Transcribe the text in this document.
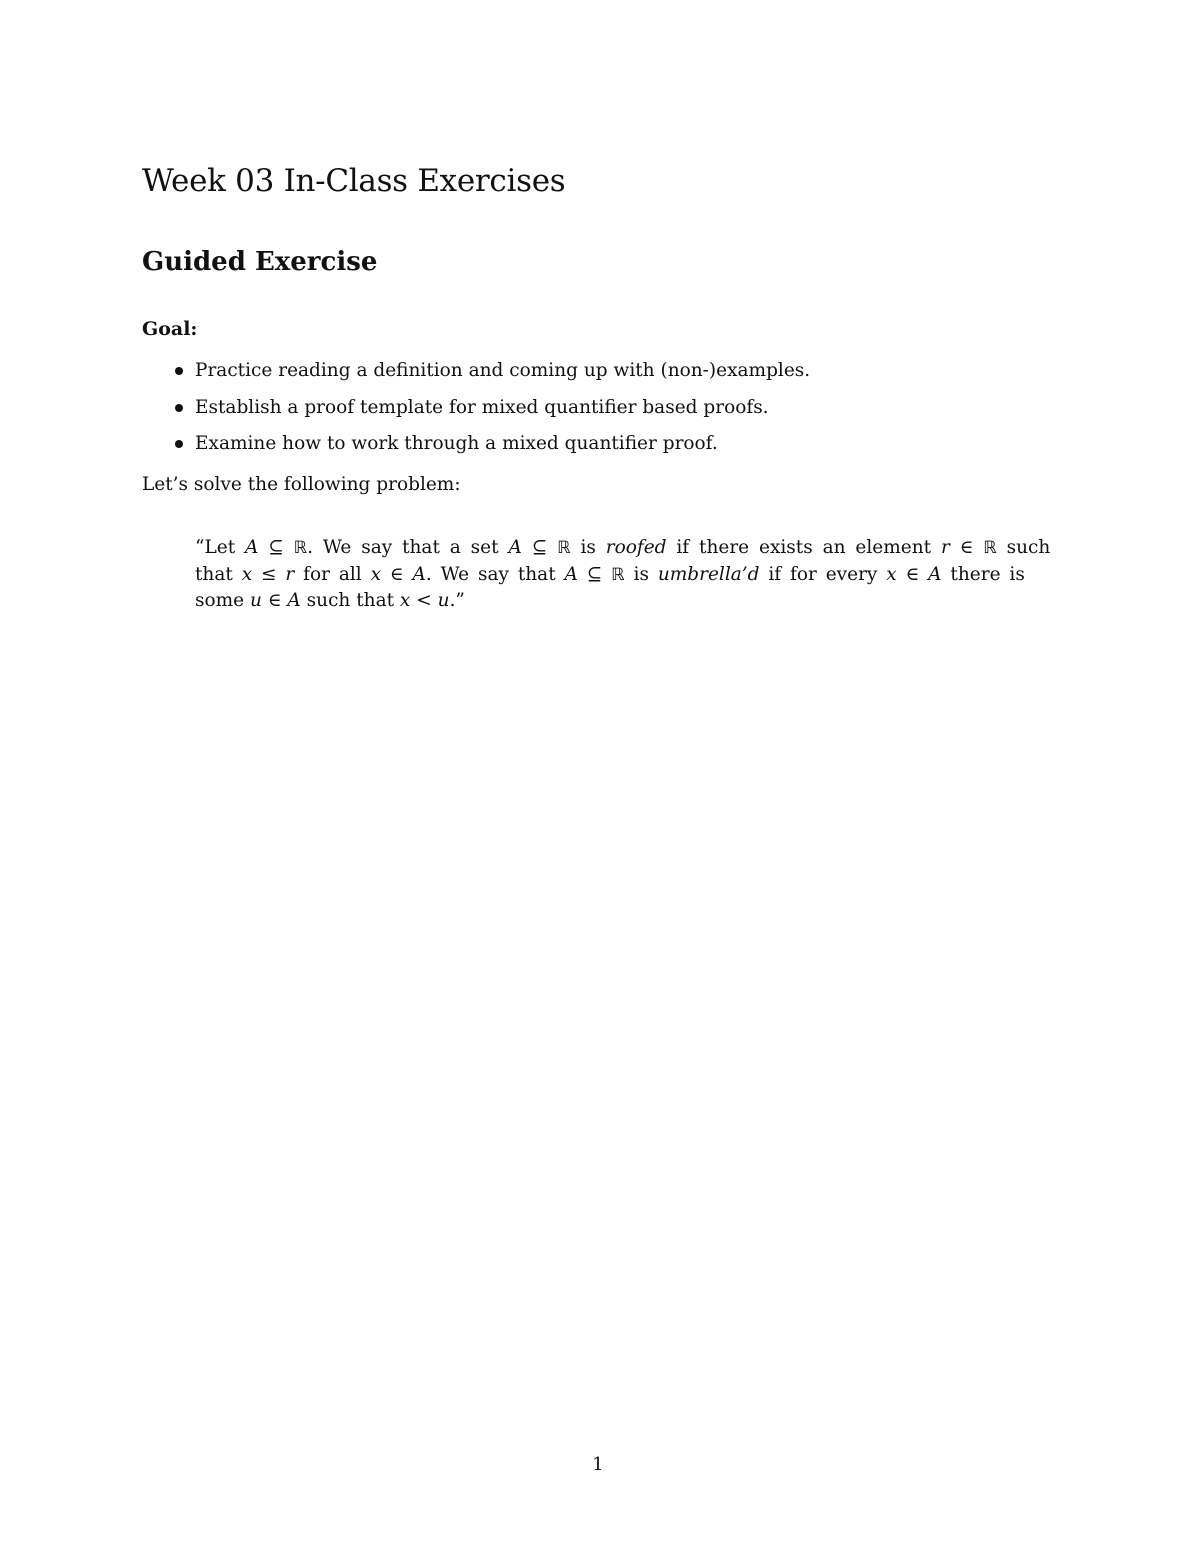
Week 03 In-Class Exercises
Guided Exercise

Goal:

Practice reading a definition and coming up with (non-)examples.
Establish a proof template for mixed quantifier based proofs.
Examine how to work through a mixed quantifier proof.

Let’s solve the following problem:

“Let A ⊆ ℝ. We say that a set A ⊆ ℝ is roofed if there exists an element r ∈ ℝ such
that x ≤ r for all x ∈ A. We say that A ⊆ ℝ is umbrella’d if for every x ∈ A there is
some u ∈ A such that x < u.”

1
